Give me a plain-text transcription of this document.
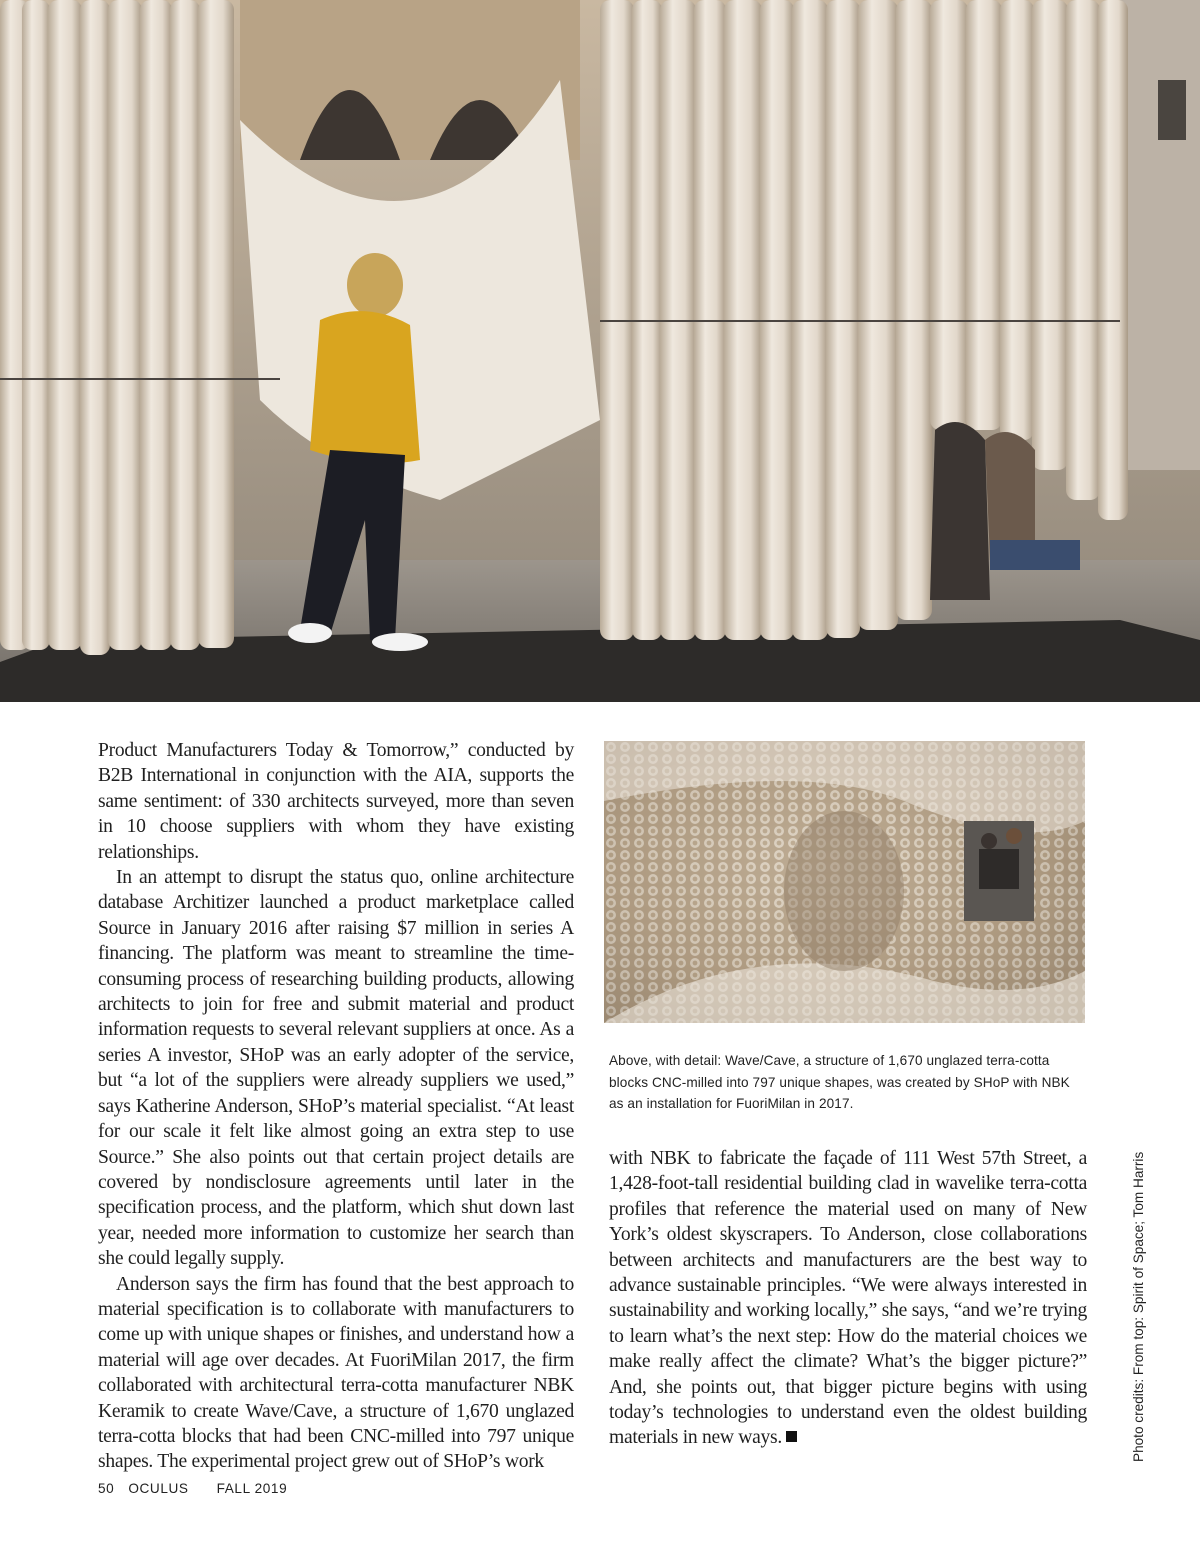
Product Manufacturers Today & Tomorrow,” conducted by B2B International in conjunction with the AIA, supports the same sentiment: of 330 architects surveyed, more than seven in 10 choose suppliers with whom they have existing relationships.

In an attempt to disrupt the status quo, online architecture database Architizer launched a product marketplace called Source in January 2016 after raising $7 million in series A financing. The platform was meant to streamline the time-consuming process of researching building products, allowing architects to join for free and submit material and product information requests to several relevant suppliers at once. As a series A investor, SHoP was an early adopter of the service, but “a lot of the suppliers were already suppliers we used,” says Katherine Anderson, SHoP’s material specialist. “At least for our scale it felt like almost going an extra step to use Source.” She also points out that certain project details are covered by nondisclosure agreements until later in the specification process, and the platform, which shut down last year, needed more information to customize her search than she could legally supply.

Anderson says the firm has found that the best approach to material specification is to collaborate with manufacturers to come up with unique shapes or finishes, and understand how a material will age over decades. At FuoriMilan 2017, the firm collaborated with architectural terra-cotta manufacturer NBK Keramik to create Wave/Cave, a structure of 1,670 unglazed terra-cotta blocks that had been CNC-milled into 797 unique shapes. The experimental project grew out of SHoP’s work

Above, with detail: Wave/Cave, a structure of 1,670 unglazed terra-cotta blocks CNC-milled into 797 unique shapes, was created by SHoP with NBK as an installation for FuoriMilan in 2017.

with NBK to fabricate the façade of 111 West 57th Street, a 1,428-foot-tall residential building clad in wavelike terra-cotta profiles that reference the material used on many of New York’s oldest skyscrapers. To Anderson, close collaborations between architects and manufacturers are the best way to advance sustainable principles. “We were always interested in sustainability and working locally,” she says, “and we’re trying to learn what’s the next step: How do the material choices we make really affect the climate? What’s the bigger picture?” And, she points out, that bigger picture begins with using today’s technologies to understand even the oldest building materials in new ways.	Photo credits: From top: Spirit of Space; Tom Harris
50 OCULUS FALL 2019
